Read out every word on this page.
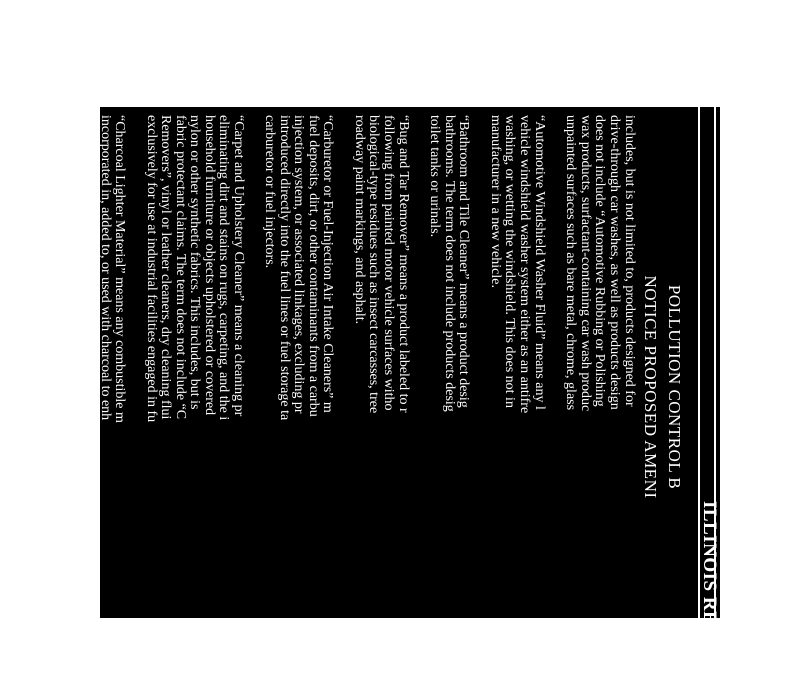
ILLINOIS REGISTER
POLLUTION CONTROL B
NOTICE PROPOSED AMENI
includes, but is not limited to, products designed for
drive-through car washes, as well as products design
does not include “Automotive Rubbing or Polishing
wax products, surfactant-containing car wash produc
unpainted surfaces such as bare metal, chrome, glass
“Automotive Windshield Washer Fluid” means any l
vehicle windshield washer system either as an antifre
washing, or wetting the windshield. This does not in
manufacturer in a new vehicle.
“Bathroom and Tile Cleaner” means a product desig
bathrooms. The term does not include products desig
toilet tanks or urinals.
“Bug and Tar Remover” means a product labeled to r
following from painted motor vehicle surfaces witho
biological-type residues such as insect carcasses, tree
roadway paint markings, and asphalt.
“Carburetor or Fuel-Injection Air Intake Cleaners” m
fuel deposits, dirt, or other contaminants from a carbu
injection system, or associated linkages, excluding pr
introduced directly into the fuel lines or fuel storage ta
carburetor or fuel injectors.
“Carpet and Upholstery Cleaner” means a cleaning pr
eliminating dirt and stains on rugs, carpeting, and the i
household furniture or objects upholstered or covered
nylon or other synthetic fabrics. This includes, but is
fabric protectant claims. The term does not include “C
Removers”, vinyl or leather cleaners, dry cleaning flui
exclusively for use at industrial facilities engaged in fu
“Charcoal Lighter Material” means any combustible m
incorporated in, added to, or used with charcoal to enh
include any of the following: electrical starters and pro
tinder, natural gas, propane, and fat wood.
“Colorant” means any pigment or coloring material use
